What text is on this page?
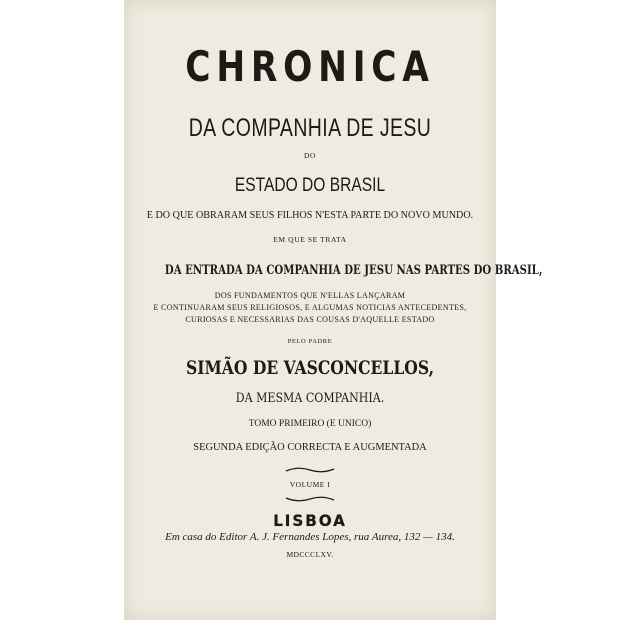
CHRONICA
DA COMPANHIA DE JESU
DO
ESTADO DO BRASIL
E DO QUE OBRARAM SEUS FILHOS N'ESTA PARTE DO NOVO MUNDO.
EM QUE SE TRATA
DA ENTRADA DA COMPANHIA DE JESU NAS PARTES DO BRASIL,
DOS FUNDAMENTOS QUE N'ELLAS LANÇARAM
E CONTINUARAM SEUS RELIGIOSOS, E ALGUMAS NOTICIAS ANTECEDENTES,
CURIOSAS E NECESSARIAS DAS COUSAS D'AQUELLE ESTADO
PELO PADRE
SIMÃO DE VASCONCELLOS,
DA MESMA COMPANHIA.
TOMO PRIMEIRO (E UNICO)
SEGUNDA EDIÇÃO CORRECTA E AUGMENTADA
VOLUME I
LISBOA
Em casa do Editor A. J. Fernandes Lopes, rua Aurea, 132 — 134.
MDCCCLXV.
